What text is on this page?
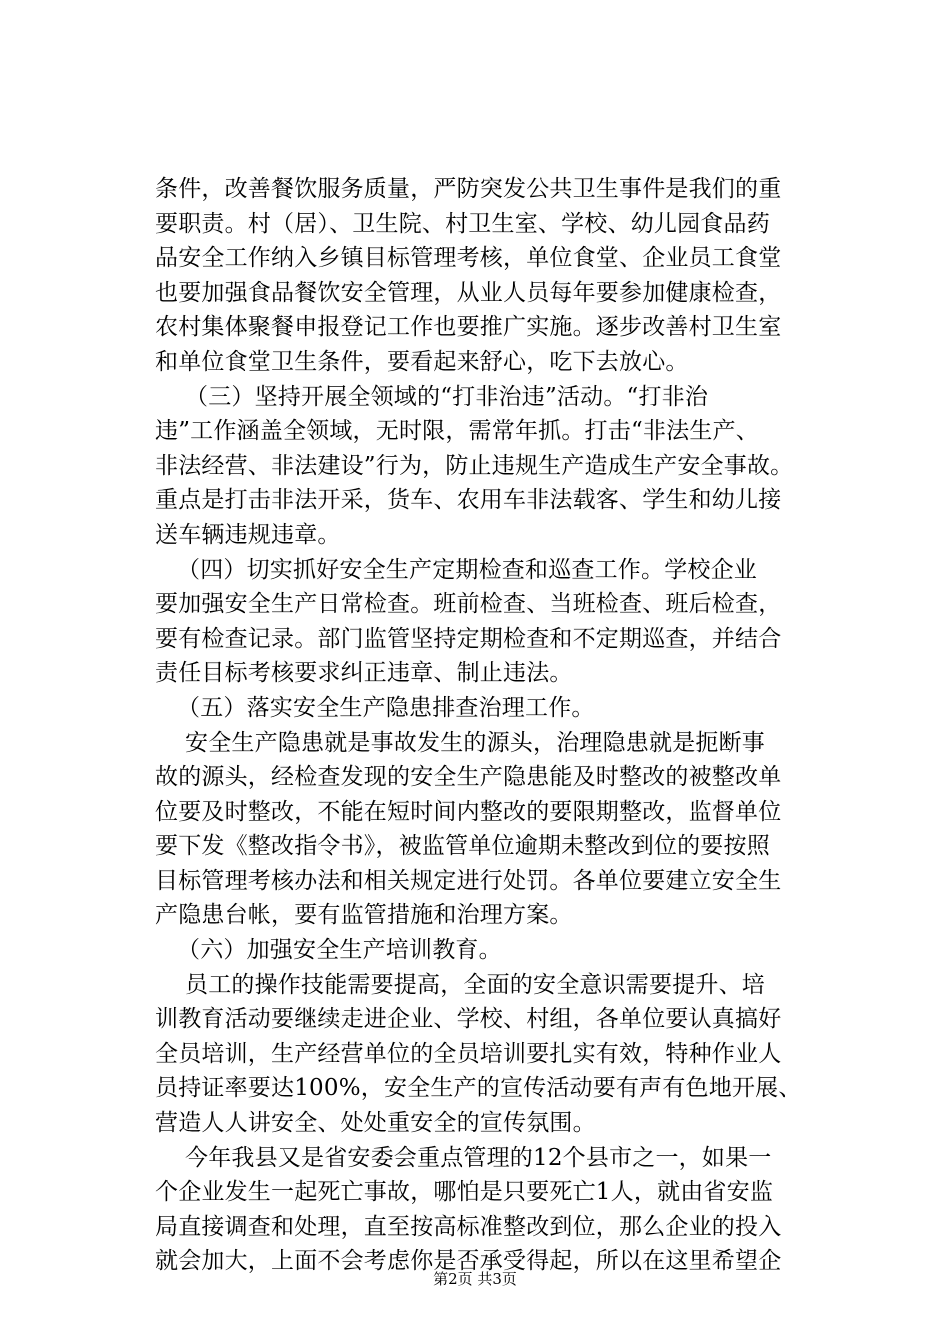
条件，改善餐饮服务质量，严防突发公共卫生事件是我们的重
要职责。村（居）、卫生院、村卫生室、学校、幼儿园食品药
品安全工作纳入乡镇目标管理考核，单位食堂、企业员工食堂
也要加强食品餐饮安全管理，从业人员每年要参加健康检查，
农村集体聚餐申报登记工作也要推广实施。逐步改善村卫生室
和单位食堂卫生条件，要看起来舒心，吃下去放心。
（三）坚持开展全领域的“打非治违”活动。“打非治
违”工作涵盖全领域，无时限，需常年抓。打击“非法生产、
非法经营、非法建设”行为，防止违规生产造成生产安全事故。
重点是打击非法开采，货车、农用车非法载客、学生和幼儿接
送车辆违规违章。
（四）切实抓好安全生产定期检查和巡查工作。学校企业
要加强安全生产日常检查。班前检查、当班检查、班后检查，
要有检查记录。部门监管坚持定期检查和不定期巡查，并结合
责任目标考核要求纠正违章、制止违法。
（五）落实安全生产隐患排查治理工作。
安全生产隐患就是事故发生的源头，治理隐患就是扼断事
故的源头，经检查发现的安全生产隐患能及时整改的被整改单
位要及时整改，不能在短时间内整改的要限期整改，监督单位
要下发《整改指令书》，被监管单位逾期未整改到位的要按照
目标管理考核办法和相关规定进行处罚。各单位要建立安全生
产隐患台帐，要有监管措施和治理方案。
（六）加强安全生产培训教育。
员工的操作技能需要提高，全面的安全意识需要提升、培
训教育活动要继续走进企业、学校、村组，各单位要认真搞好
全员培训，生产经营单位的全员培训要扎实有效，特种作业人
员持证率要达100%，安全生产的宣传活动要有声有色地开展、
营造人人讲安全、处处重安全的宣传氛围。
今年我县又是省安委会重点管理的12个县市之一，如果一
个企业发生一起死亡事故，哪怕是只要死亡1人，就由省安监
局直接调查和处理，直至按高标准整改到位，那么企业的投入
就会加大，上面不会考虑你是否承受得起，所以在这里希望企
第2页 共3页
